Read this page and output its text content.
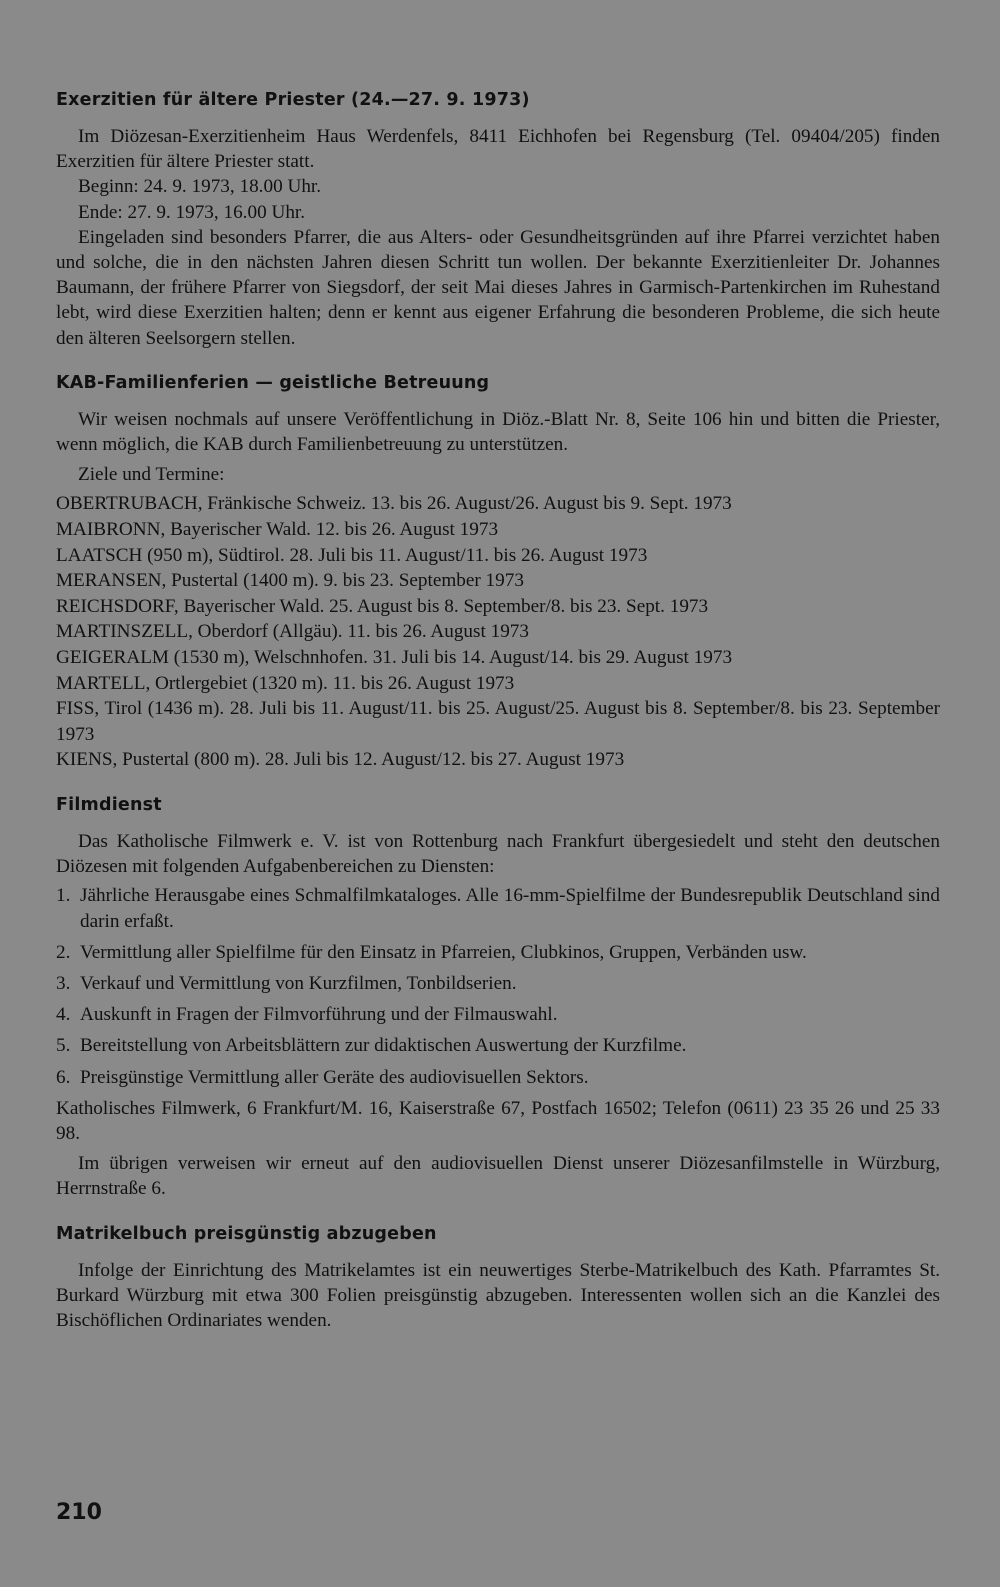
Exerzitien für ältere Priester (24.—27. 9. 1973)

Im Diözesan-Exerzitienheim Haus Werdenfels, 8411 Eichhofen bei Regensburg (Tel. 09404/205) finden Exerzitien für ältere Priester statt.

Beginn: 24. 9. 1973, 18.00 Uhr.

Ende: 27. 9. 1973, 16.00 Uhr.

Eingeladen sind besonders Pfarrer, die aus Alters- oder Gesundheitsgründen auf ihre Pfarrei verzichtet haben und solche, die in den nächsten Jahren diesen Schritt tun wollen. Der bekannte Exerzitienleiter Dr. Johannes Baumann, der frühere Pfarrer von Siegsdorf, der seit Mai dieses Jahres in Garmisch-Partenkirchen im Ruhestand lebt, wird diese Exerzitien halten; denn er kennt aus eigener Erfahrung die besonderen Probleme, die sich heute den älteren Seelsorgern stellen.

KAB-Familienferien — geistliche Betreuung

Wir weisen nochmals auf unsere Veröffentlichung in Diöz.-Blatt Nr. 8, Seite 106 hin und bitten die Priester, wenn möglich, die KAB durch Familienbetreuung zu unterstützen.

Ziele und Termine:

OBERTRUBACH, Fränkische Schweiz. 13. bis 26. August/26. August bis 9. Sept. 1973
MAIBRONN, Bayerischer Wald. 12. bis 26. August 1973
LAATSCH (950 m), Südtirol. 28. Juli bis 11. August/11. bis 26. August 1973
MERANSEN, Pustertal (1400 m). 9. bis 23. September 1973
REICHSDORF, Bayerischer Wald. 25. August bis 8. September/8. bis 23. Sept. 1973
MARTINSZELL, Oberdorf (Allgäu). 11. bis 26. August 1973
GEIGERALM (1530 m), Welschnhofen. 31. Juli bis 14. August/14. bis 29. August 1973
MARTELL, Ortlergebiet (1320 m). 11. bis 26. August 1973
FISS, Tirol (1436 m). 28. Juli bis 11. August/11. bis 25. August/25. August bis 8. September/8. bis 23. September 1973
KIENS, Pustertal (800 m). 28. Juli bis 12. August/12. bis 27. August 1973
Filmdienst

Das Katholische Filmwerk e. V. ist von Rottenburg nach Frankfurt übergesiedelt und steht den deutschen Diözesen mit folgenden Aufgabenbereichen zu Diensten:

1. Jährliche Herausgabe eines Schmalfilmkataloges. Alle 16-mm-Spielfilme der Bundesrepublik Deutschland sind darin erfaßt.
2. Vermittlung aller Spielfilme für den Einsatz in Pfarreien, Clubkinos, Gruppen, Verbänden usw.
3. Verkauf und Vermittlung von Kurzfilmen, Tonbildserien.
4. Auskunft in Fragen der Filmvorführung und der Filmauswahl.
5. Bereitstellung von Arbeitsblättern zur didaktischen Auswertung der Kurzfilme.
6. Preisgünstige Vermittlung aller Geräte des audiovisuellen Sektors.

Katholisches Filmwerk, 6 Frankfurt/M. 16, Kaiserstraße 67, Postfach 16502; Telefon (0611) 23 35 26 und 25 33 98.

Im übrigen verweisen wir erneut auf den audiovisuellen Dienst unserer Diözesanfilmstelle in Würzburg, Herrnstraße 6.

Matrikelbuch preisgünstig abzugeben

Infolge der Einrichtung des Matrikelamtes ist ein neuwertiges Sterbe-Matrikelbuch des Kath. Pfarramtes St. Burkard Würzburg mit etwa 300 Folien preisgünstig abzugeben. Interessenten wollen sich an die Kanzlei des Bischöflichen Ordinariates wenden.

210
